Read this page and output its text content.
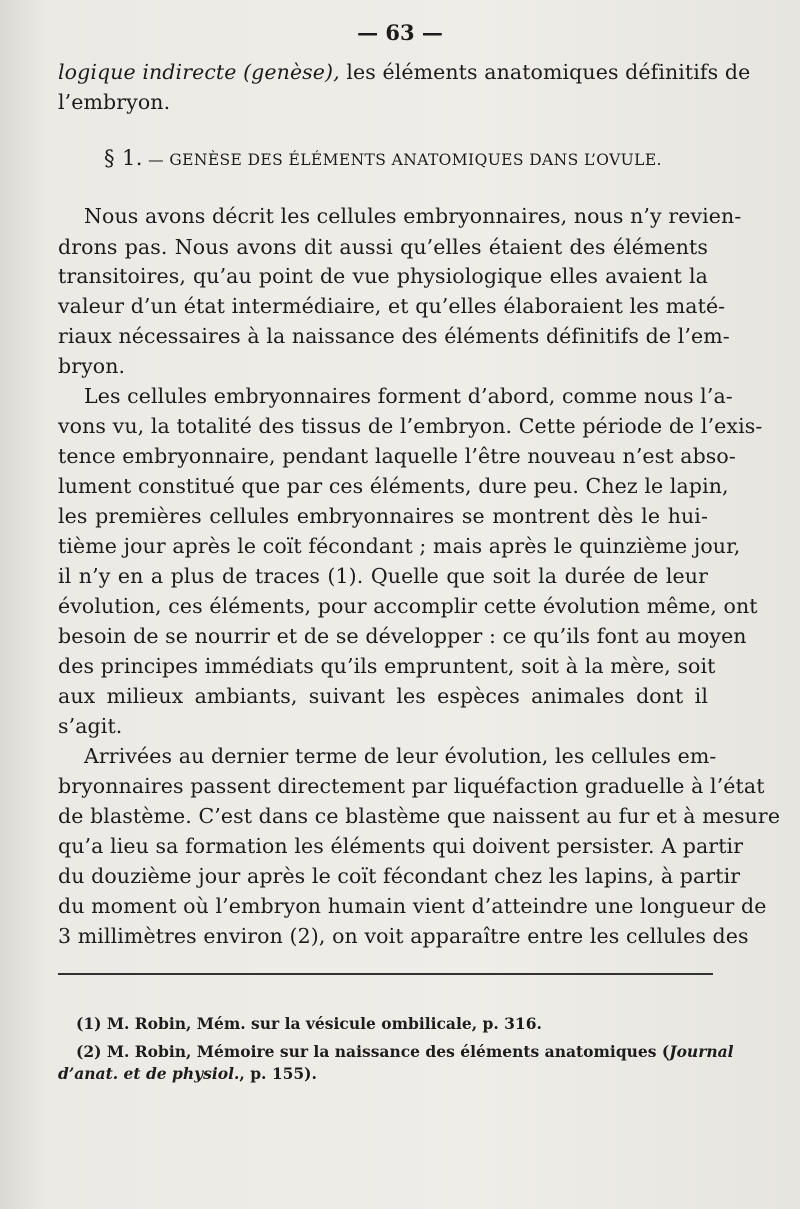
— 63 —
logique indirecte (genèse), les éléments anatomiques définitifs de
l’embryon.
§ 1. — GENÈSE DES ÉLÉMENTS ANATOMIQUES DANS L’OVULE.
Nous avons décrit les cellules embryonnaires, nous n’y revien-
drons pas. Nous avons dit aussi qu’elles étaient des éléments
transitoires, qu’au point de vue physiologique elles avaient la
valeur d’un état intermédiaire, et qu’elles élaboraient les maté-
riaux nécessaires à la naissance des éléments définitifs de l’em-
bryon.
Les cellules embryonnaires forment d’abord, comme nous l’a-
vons vu, la totalité des tissus de l’embryon. Cette période de l’exis-
tence embryonnaire, pendant laquelle l’être nouveau n’est abso-
lument constitué que par ces éléments, dure peu. Chez le lapin,
les premières cellules embryonnaires se montrent dès le hui-
tième jour après le coït fécondant ; mais après le quinzième jour,
il n’y en a plus de traces (1). Quelle que soit la durée de leur
évolution, ces éléments, pour accomplir cette évolution même, ont
besoin de se nourrir et de se développer : ce qu’ils font au moyen
des principes immédiats qu’ils empruntent, soit à la mère, soit
aux milieux ambiants, suivant les espèces animales dont il
s’agit.
Arrivées au dernier terme de leur évolution, les cellules em-
bryonnaires passent directement par liquéfaction graduelle à l’état
de blastème. C’est dans ce blastème que naissent au fur et à mesure
qu’a lieu sa formation les éléments qui doivent persister. A partir
du douzième jour après le coït fécondant chez les lapins, à partir
du moment où l’embryon humain vient d’atteindre une longueur de
3 millimètres environ (2), on voit apparaître entre les cellules des
(1) M. Robin, Mém. sur la vésicule ombilicale, p. 316.
(2) M. Robin, Mémoire sur la naissance des éléments anatomiques (Journal
d’anat. et de physiol., p. 155).
